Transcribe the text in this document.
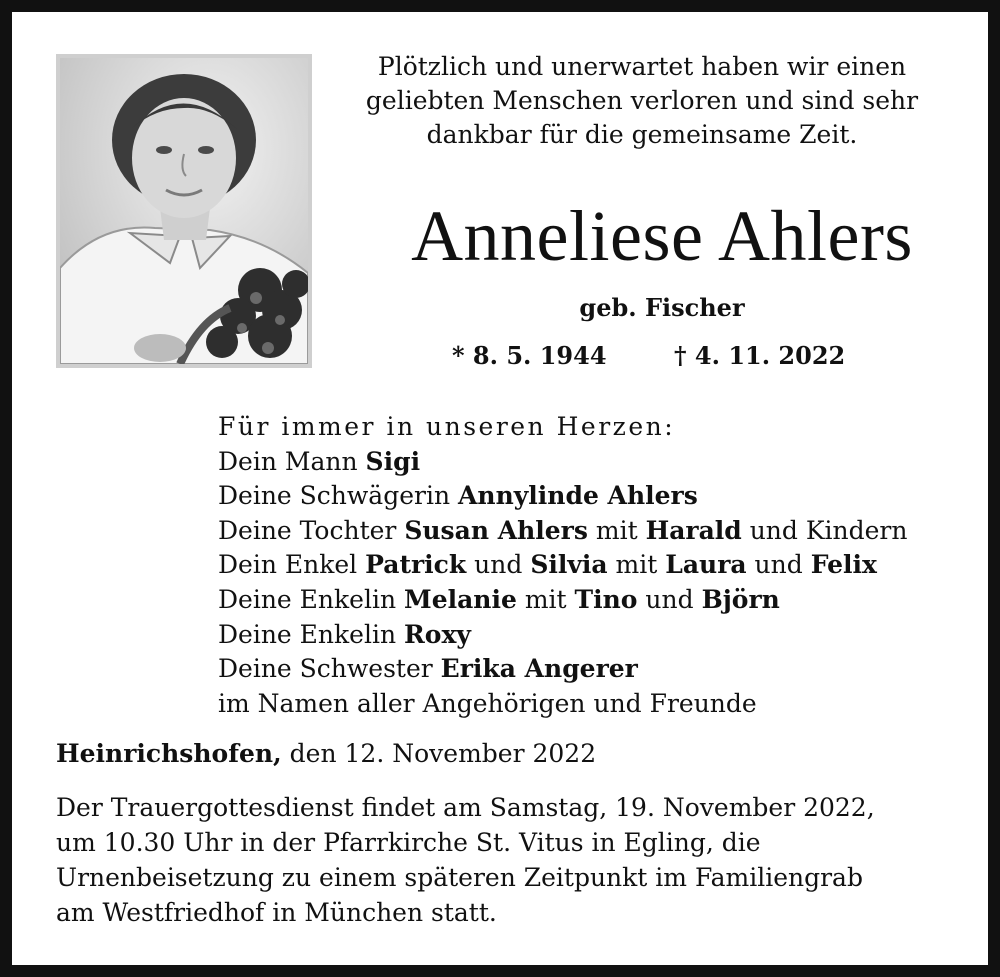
Plötzlich und unerwartet haben wir einen
geliebten Menschen verloren und sind sehr
dankbar für die gemeinsame Zeit.
Anneliese Ahlers
geb. Fischer
* 8. 5. 1944	† 4. 11. 2022
Für immer in unseren Herzen:
Dein Mann Sigi
Deine Schwägerin Annylinde Ahlers
Deine Tochter Susan Ahlers mit Harald und Kindern
Dein Enkel Patrick und Silvia mit Laura und Felix
Deine Enkelin Melanie mit Tino und Björn
Deine Enkelin Roxy
Deine Schwester Erika Angerer
im Namen aller Angehörigen und Freunde
Heinrichshofen, den 12. November 2022
Der Trauergottesdienst findet am Samstag, 19. November 2022,
um 10.30 Uhr in der Pfarrkirche St. Vitus in Egling, die
Urnenbeisetzung zu einem späteren Zeitpunkt im Familiengrab
am Westfriedhof in München statt.
